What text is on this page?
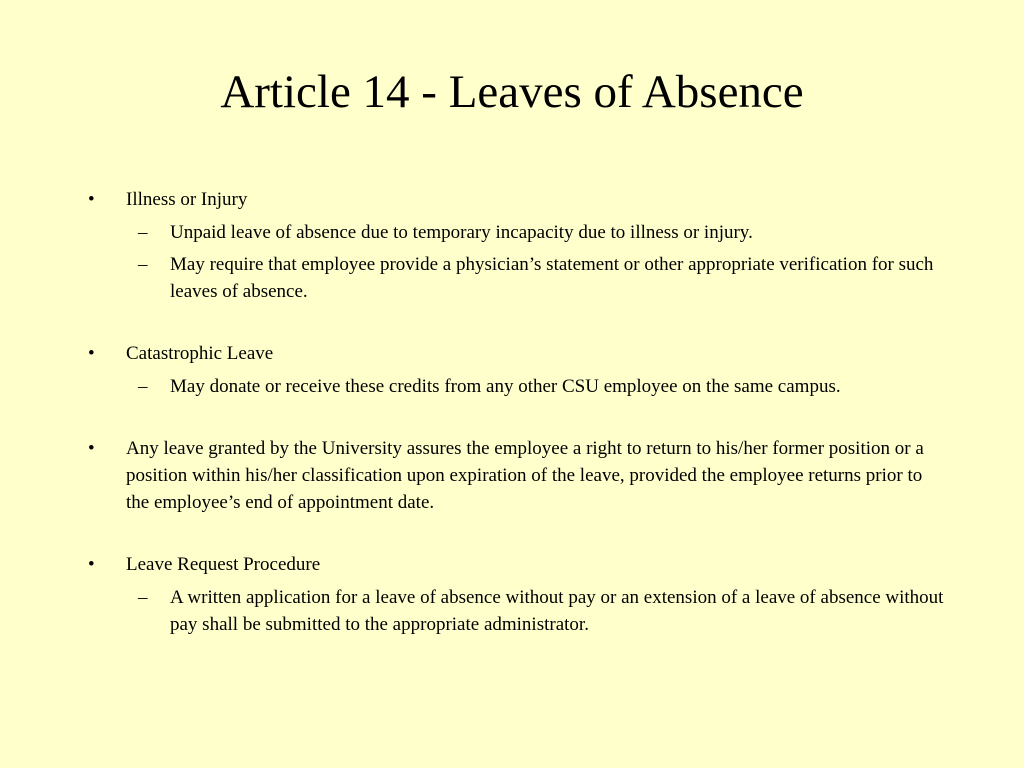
Article 14 - Leaves of Absence
• Illness or Injury
– Unpaid leave of absence due to temporary incapacity due to illness or injury.
– May require that employee provide a physician’s statement or other appropriate verification for such leaves of absence.
• Catastrophic Leave
– May donate or receive these credits from any other CSU employee on the same campus.
• Any leave granted by the University assures the employee a right to return to his/her former position or a position within his/her classification upon expiration of the leave, provided the employee returns prior to the employee’s end of appointment date.
• Leave Request Procedure
– A written application for a leave of absence without pay or an extension of a leave of absence without pay shall be submitted to the appropriate administrator.
